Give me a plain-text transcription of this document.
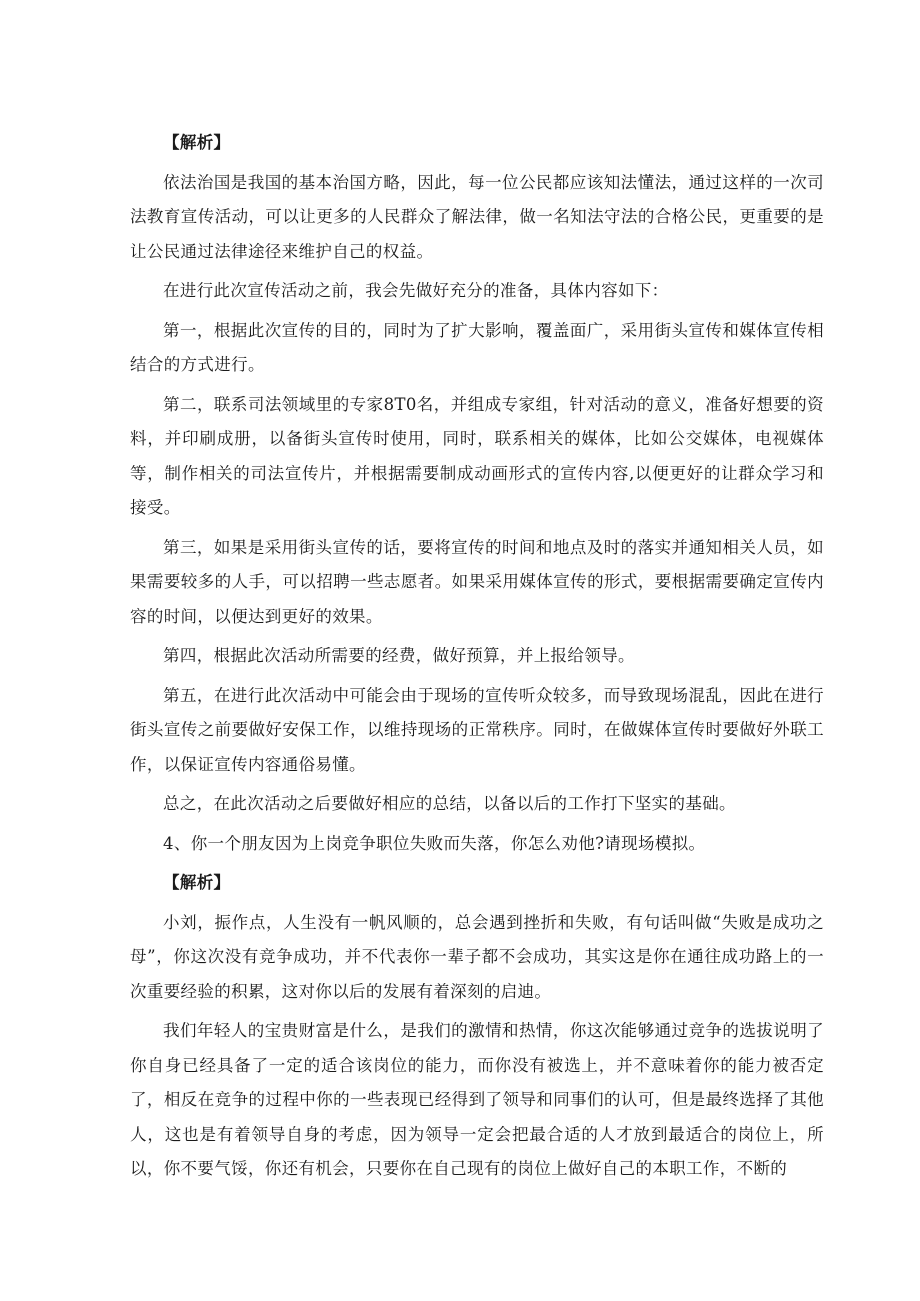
【解析】

依法治国是我国的基本治国方略，因此，每一位公民都应该知法懂法，通过这样的一次司法教育宣传活动，可以让更多的人民群众了解法律，做一名知法守法的合格公民，更重要的是让公民通过法律途径来维护自己的权益。

在进行此次宣传活动之前，我会先做好充分的准备，具体内容如下：

第一，根据此次宣传的目的，同时为了扩大影响，覆盖面广，采用街头宣传和媒体宣传相结合的方式进行。

第二，联系司法领域里的专家8T0名，并组成专家组，针对活动的意义，准备好想要的资料，并印刷成册，以备街头宣传时使用，同时，联系相关的媒体，比如公交媒体，电视媒体等，制作相关的司法宣传片，并根据需要制成动画形式的宣传内容,以便更好的让群众学习和接受。

第三，如果是采用街头宣传的话，要将宣传的时间和地点及时的落实并通知相关人员，如果需要较多的人手，可以招聘一些志愿者。如果采用媒体宣传的形式，要根据需要确定宣传内容的时间，以便达到更好的效果。

第四，根据此次活动所需要的经费，做好预算，并上报给领导。

第五，在进行此次活动中可能会由于现场的宣传听众较多，而导致现场混乱，因此在进行街头宣传之前要做好安保工作，以维持现场的正常秩序。同时，在做媒体宣传时要做好外联工作，以保证宣传内容通俗易懂。

总之，在此次活动之后要做好相应的总结，以备以后的工作打下坚实的基础。

4、你一个朋友因为上岗竞争职位失败而失落，你怎么劝他?请现场模拟。

【解析】

小刘，振作点，人生没有一帆风顺的，总会遇到挫折和失败，有句话叫做“失败是成功之母”，你这次没有竞争成功，并不代表你一辈子都不会成功，其实这是你在通往成功路上的一次重要经验的积累，这对你以后的发展有着深刻的启迪。

我们年轻人的宝贵财富是什么，是我们的激情和热情，你这次能够通过竞争的选拔说明了你自身已经具备了一定的适合该岗位的能力，而你没有被选上，并不意味着你的能力被否定了，相反在竞争的过程中你的一些表现已经得到了领导和同事们的认可，但是最终选择了其他人，这也是有着领导自身的考虑，因为领导一定会把最合适的人才放到最适合的岗位上，所以，你不要气馁，你还有机会，只要你在自己现有的岗位上做好自己的本职工作，不断的
